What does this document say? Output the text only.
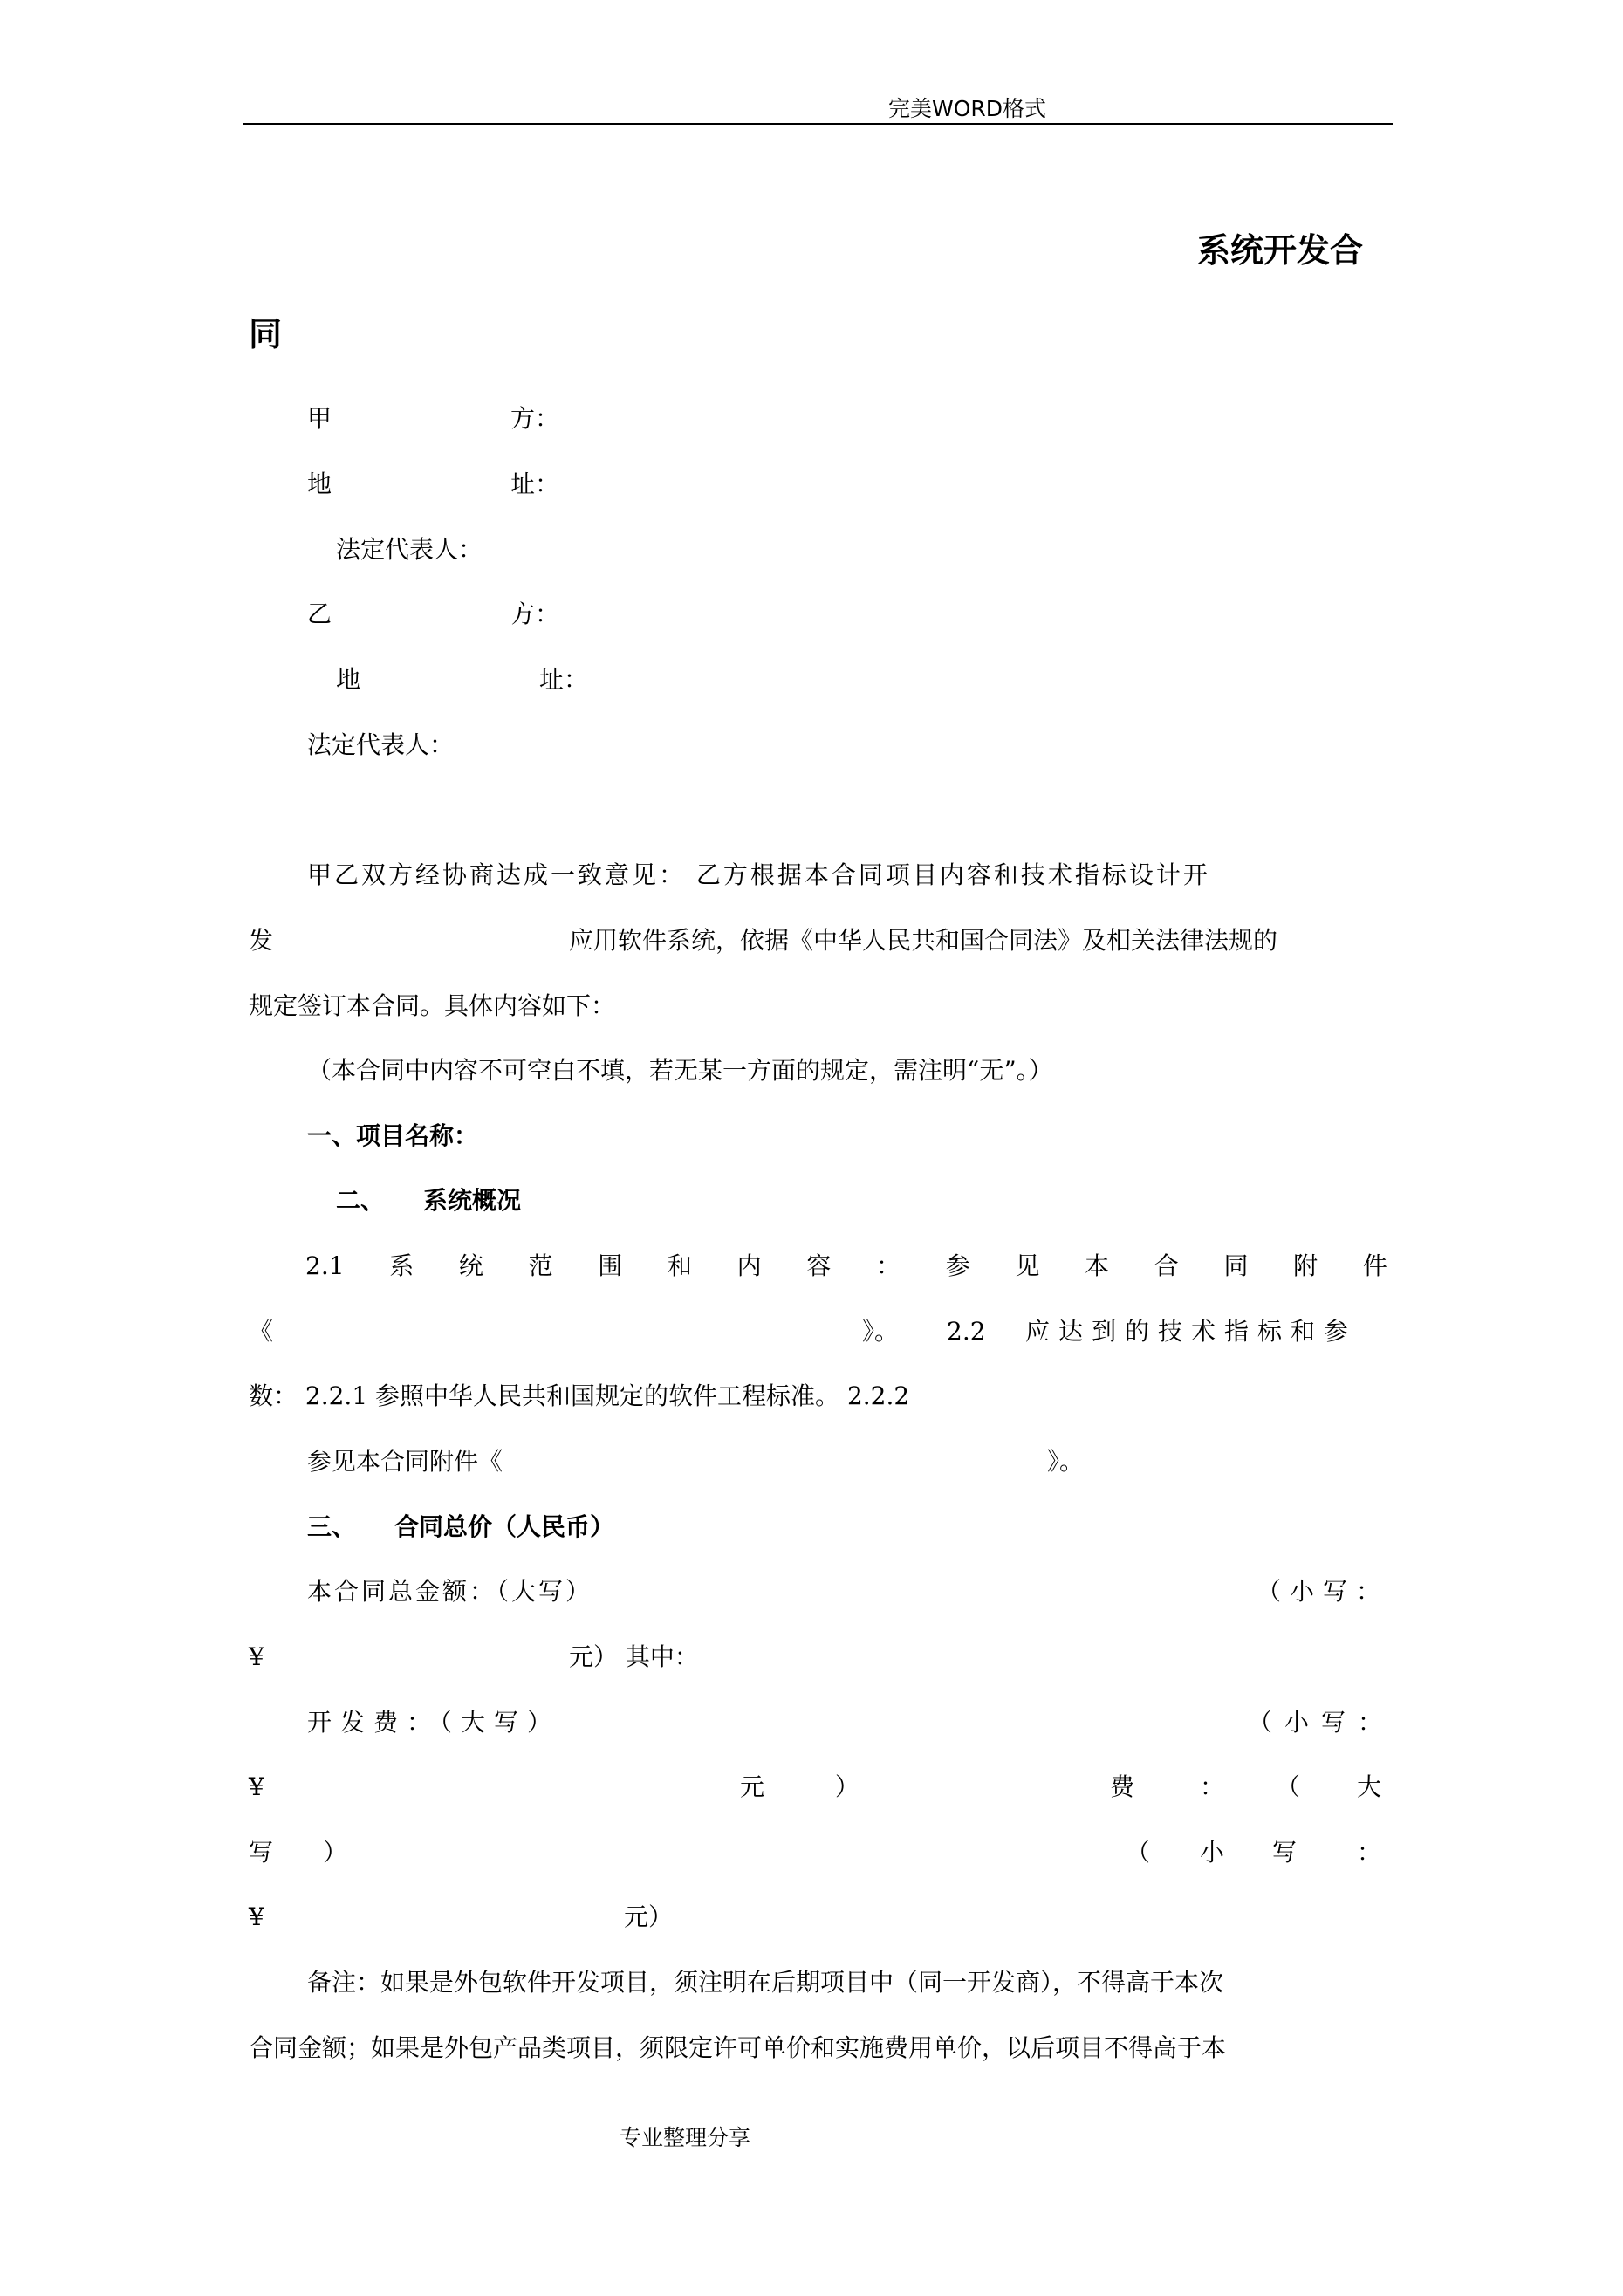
完美WORD格式
系统开发合
同
甲	方：
地	址：
法定代表人：
乙	方：
地	址：
法定代表人：
甲乙双方经协商达成一致意见： 乙方根据本合同项目内容和技术指标设计开
发	应用软件系统，依据《中华人民共和国合同法》及相关法律法规的
规定签订本合同。具体内容如下：
（本合同中内容不可空白不填，若无某一方面的规定，需注明“无”。）
一、项目名称：
二、 系统概况
2.1 系 统 范 围 和 内 容 ： 参 见 本 合 同 附 件
《	》。 2.2 应达到的技术指标和参
数： 2.2.1 参照中华人民共和国规定的软件工程标准。 2.2.2
参见本合同附件《	》。
三、 合同总价（人民币）
本合同总金额：（大写）	（小写：
¥	元） 其中：
开发费：（大写）	（小写：
¥	元 ）	费	： （ 大
写 ）	（ 小 写 ：
¥	元）
备注：如果是外包软件开发项目，须注明在后期项目中（同一开发商），不得高于本次
合同金额；如果是外包产品类项目，须限定许可单价和实施费用单价，以后项目不得高于本
专业整理分享
